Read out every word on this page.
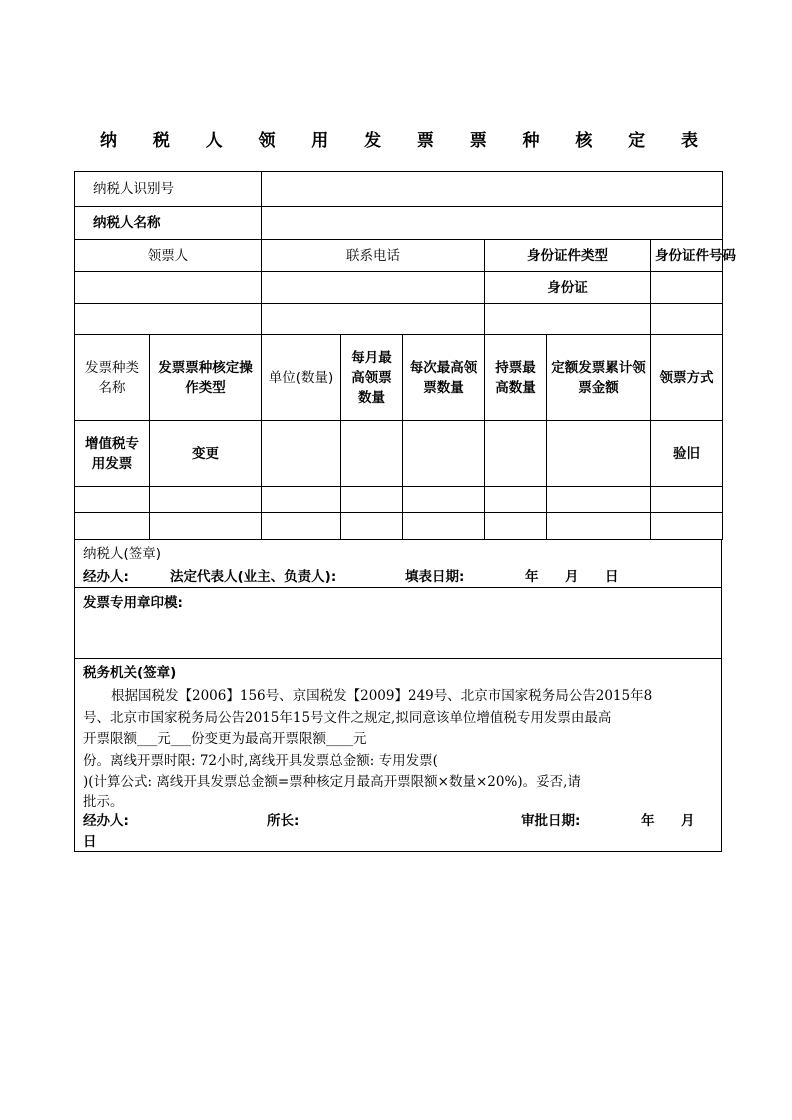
纳 税 人 领 用 发 票 票 种 核 定 表
纳税人识别号							
纳税人名称							
领票人		联系电话			身份证件类型		身份证件号码
					身份证		

发票种类名称	发票票种核定操作类型	单位(数量)	每月最高领票数量	每次最高领票数量	持票最高数量	定额发票累计领票金额	领票方式
增值税专用发票	变更						验旧

纳税人(签章)
经办人:	法定代表人(业主、负责人):	填表日期:	年 月 日
发票专用章印模:
税务机关(签章)
根据国税发【2006】156号、京国税发【2009】249号、北京市国家税务局公告2015年8
号、北京市国家税务局公告2015年15号文件之规定,拟同意该单位增值税专用发票由最高
开票限额___元___份变更为最高开票限额____元
份。离线开票时限: 72小时,离线开具发票总金额: 专用发票(
)(计算公式: 离线开具发票总金额=票种核定月最高开票限额×数量×20%)。妥否,请
批示。
经办人:	所长:	审批日期:	年 月
日
